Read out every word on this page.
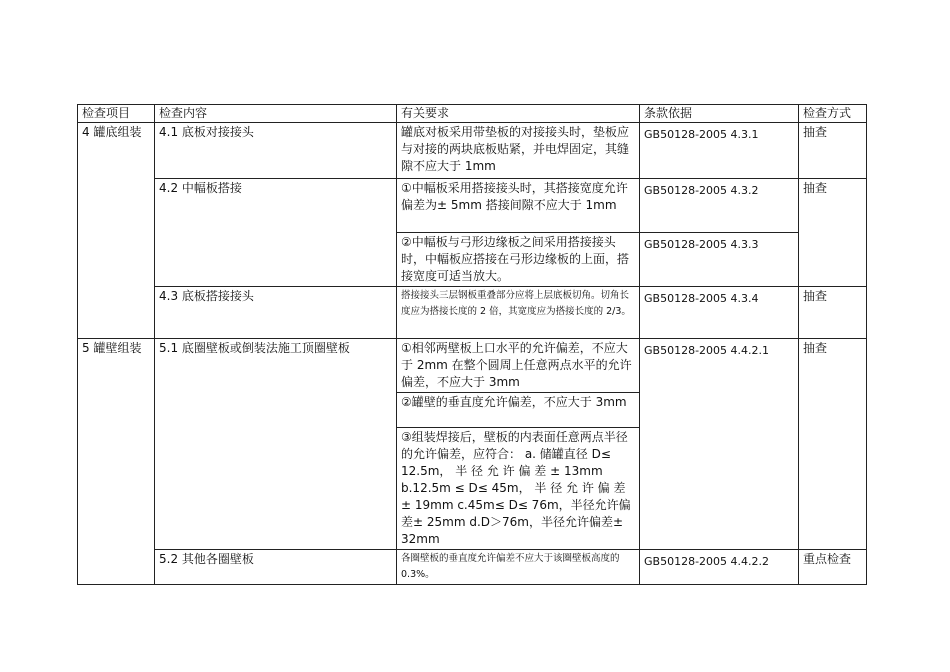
检查项目	检查内容	有关要求	条款依据	检查方式
4 罐底组装	4.1 底板对接接头	罐底对板采用带垫板的对接接头时，垫板应与对接的两块底板贴紧，并电焊固定，其缝隙不应大于 1mm	GB50128-2005 4.3.1	抽查
	4.2 中幅板搭接	①中幅板采用搭接接头时，其搭接宽度允许偏差为± 5mm 搭接间隙不应大于 1mm	GB50128-2005 4.3.2	抽查
		②中幅板与弓形边缘板之间采用搭接接头时，中幅板应搭接在弓形边缘板的上面，搭接宽度可适当放大。	GB50128-2005 4.3.3	
	4.3 底板搭接接头	搭接接头三层钢板重叠部分应将上层底板切角。切角长度应为搭接长度的 2 倍，其宽度应为搭接长度的 2/3。	GB50128-2005 4.3.4	抽查
5 罐壁组装	5.1 底圈壁板或倒装法施工顶圈壁板	①相邻两壁板上口水平的允许偏差，不应大于 2mm 在整个圆周上任意两点水平的允许偏差，不应大于 3mm	GB50128-2005 4.4.2.1	抽查
		②罐壁的垂直度允许偏差，不应大于 3mm		
		③组装焊接后，壁板的内表面任意两点半径的允许偏差，应符合： a. 储罐直径 D≤ 12.5m， 半 径 允 许 偏 差 ± 13mm b.12.5m ≤ D≤ 45m， 半 径 允 许 偏 差 ± 19mm c.45m≤ D≤ 76m，半径允许偏差± 25mm d.D＞76m，半径允许偏差± 32mm		
	5.2 其他各圈壁板	各圈壁板的垂直度允许偏差不应大于该圈壁板高度的 0.3%。	GB50128-2005 4.4.2.2	重点检查
